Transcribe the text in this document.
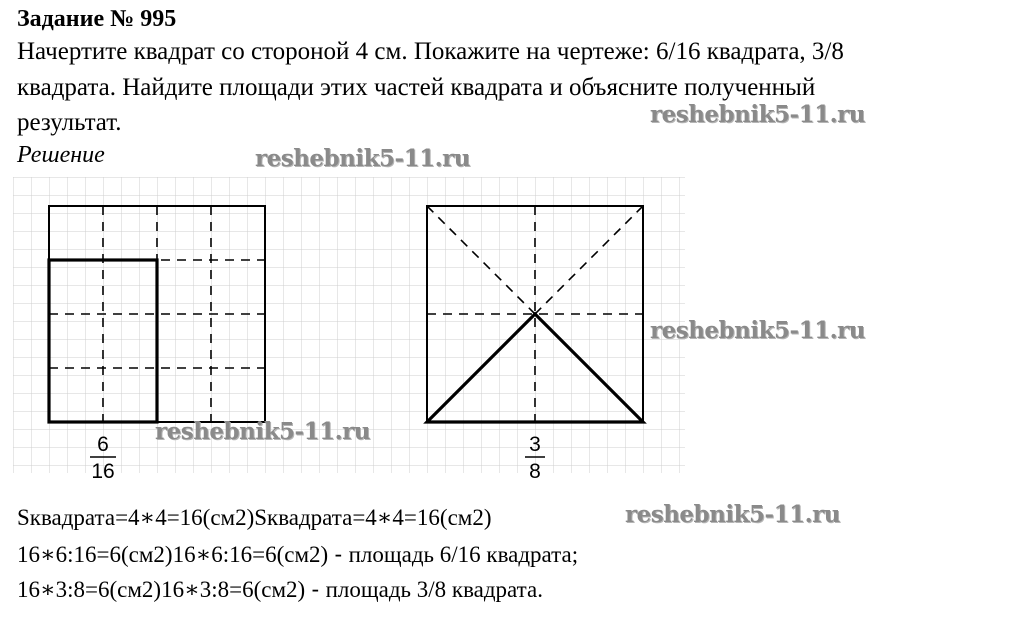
Задание № 995
Начертите квадрат со стороной 4 см. Покажите на чертеже: 6/16 квадрата, 3/8
квадрата. Найдите площади этих частей квадрата и объясните полученный
результат.
Решение
6
16
3
8
reshebnik5-11.ru
reshebnik5-11.ru
reshebnik5-11.ru
reshebnik5-11.ru
reshebnik5-11.ru
Sквадрата=4∗4=16(см2)Sквадрата=4∗4=16(см2)
16∗6:16=6(см2)16∗6:16=6(см2) - площадь 6/16 квадрата;
16∗3:8=6(см2)16∗3:8=6(см2) - площадь 3/8 квадрата.
